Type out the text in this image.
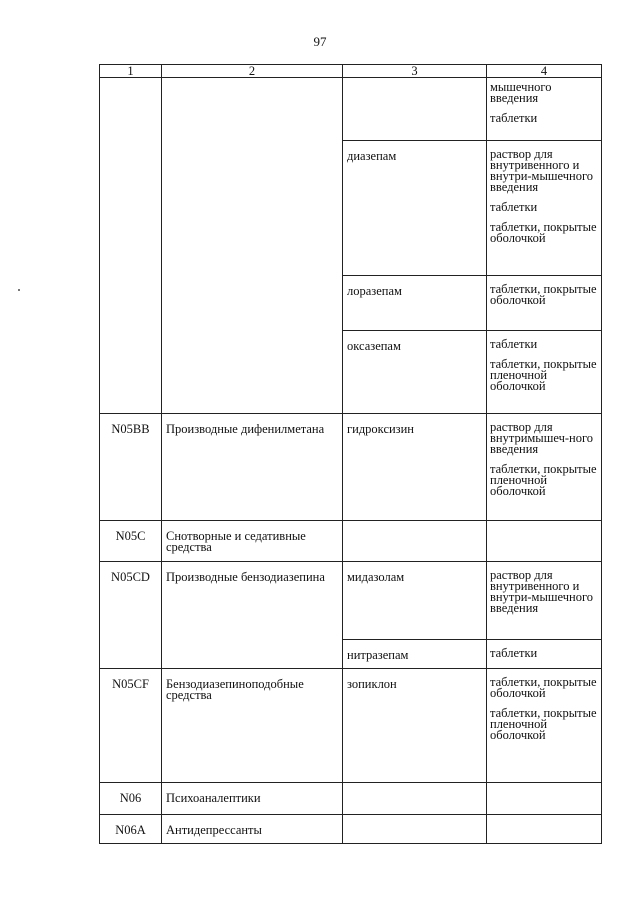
97
1	2	3	4

			мышечного введения
таблетки

		диазепам	раствор для внутривенного и внутри-мышечного введения
таблетки
таблетки, покрытые оболочкой

		лоразепам	таблетки, покрытые оболочкой

		оксазепам	таблетки
таблетки, покрытые пленочной оболочкой

N05BB	Производные дифенилметана	гидроксизин	раствор для внутримышеч-ного введения
таблетки, покрытые пленочной оболочкой

N05C	Снотворные и седативные средства		
N05CD	Производные бензодиазепина	мидазолам	раствор для внутривенного и внутри-мышечного введения

		нитразепам	таблетки

N05CF	Бензодиазепиноподобные средства	зопиклон	таблетки, покрытые оболочкой
таблетки, покрытые пленочной оболочкой

N06	Психоаналептики		
N06A	Антидепрессанты		
